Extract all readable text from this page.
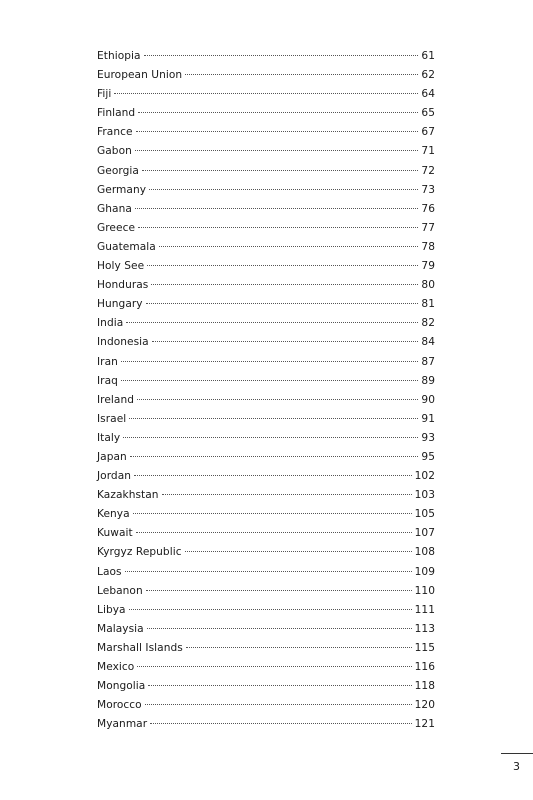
Ethiopia	61
European Union	62
Fiji	64
Finland	65
France	67
Gabon	71
Georgia	72
Germany	73
Ghana	76
Greece	77
Guatemala	78
Holy See	79
Honduras	80
Hungary	81
India	82
Indonesia	84
Iran	87
Iraq	89
Ireland	90
Israel	91
Italy	93
Japan	95
Jordan	102
Kazakhstan	103
Kenya	105
Kuwait	107
Kyrgyz Republic	108
Laos	109
Lebanon	110
Libya	111
Malaysia	113
Marshall Islands	115
Mexico	116
Mongolia	118
Morocco	120
Myanmar	121
3
